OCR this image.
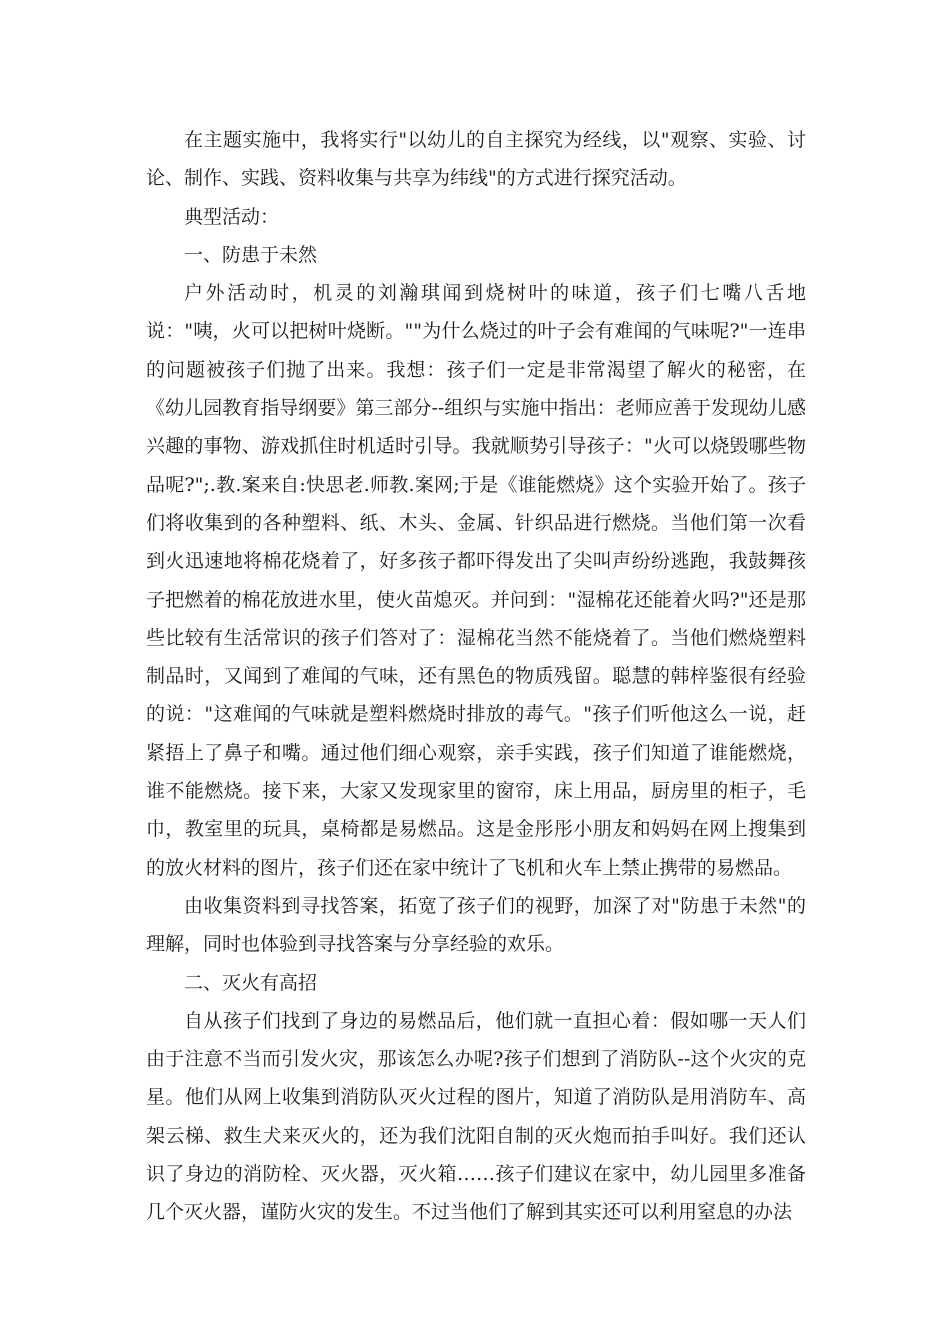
在主题实施中，我将实行"以幼儿的自主探究为经线，以"观察、实验、讨论、制作、实践、资料收集与共享为纬线"的方式进行探究活动。

典型活动：

一、防患于未然

户外活动时，机灵的刘瀚琪闻到烧树叶的味道，孩子们七嘴八舌地说："咦，火可以把树叶烧断。""为什么烧过的叶子会有难闻的气味呢?"一连串的问题被孩子们抛了出来。我想：孩子们一定是非常渴望了解火的秘密，在《幼儿园教育指导纲要》第三部分--组织与实施中指出：老师应善于发现幼儿感兴趣的事物、游戏抓住时机适时引导。我就顺势引导孩子："火可以烧毁哪些物品呢?";.教.案来自:快思老.师教.案网;于是《谁能燃烧》这个实验开始了。孩子们将收集到的各种塑料、纸、木头、金属、针织品进行燃烧。当他们第一次看到火迅速地将棉花烧着了，好多孩子都吓得发出了尖叫声纷纷逃跑，我鼓舞孩子把燃着的棉花放进水里，使火苗熄灭。并问到："湿棉花还能着火吗?"还是那些比较有生活常识的孩子们答对了：湿棉花当然不能烧着了。当他们燃烧塑料制品时，又闻到了难闻的气味，还有黑色的物质残留。聪慧的韩梓鉴很有经验的说："这难闻的气味就是塑料燃烧时排放的毒气。"孩子们听他这么一说，赶紧捂上了鼻子和嘴。通过他们细心观察，亲手实践，孩子们知道了谁能燃烧，谁不能燃烧。接下来，大家又发现家里的窗帘，床上用品，厨房里的柜子，毛巾，教室里的玩具，桌椅都是易燃品。这是金彤彤小朋友和妈妈在网上搜集到的放火材料的图片，孩子们还在家中统计了飞机和火车上禁止携带的易燃品。

由收集资料到寻找答案，拓宽了孩子们的视野，加深了对"防患于未然"的理解，同时也体验到寻找答案与分享经验的欢乐。

二、灭火有高招

自从孩子们找到了身边的易燃品后，他们就一直担心着：假如哪一天人们由于注意不当而引发火灾，那该怎么办呢?孩子们想到了消防队--这个火灾的克星。他们从网上收集到消防队灭火过程的图片，知道了消防队是用消防车、高架云梯、救生犬来灭火的，还为我们沈阳自制的灭火炮而拍手叫好。我们还认识了身边的消防栓、灭火器，灭火箱……孩子们建议在家中，幼儿园里多准备几个灭火器，谨防火灾的发生。不过当他们了解到其实还可以利用窒息的办法
